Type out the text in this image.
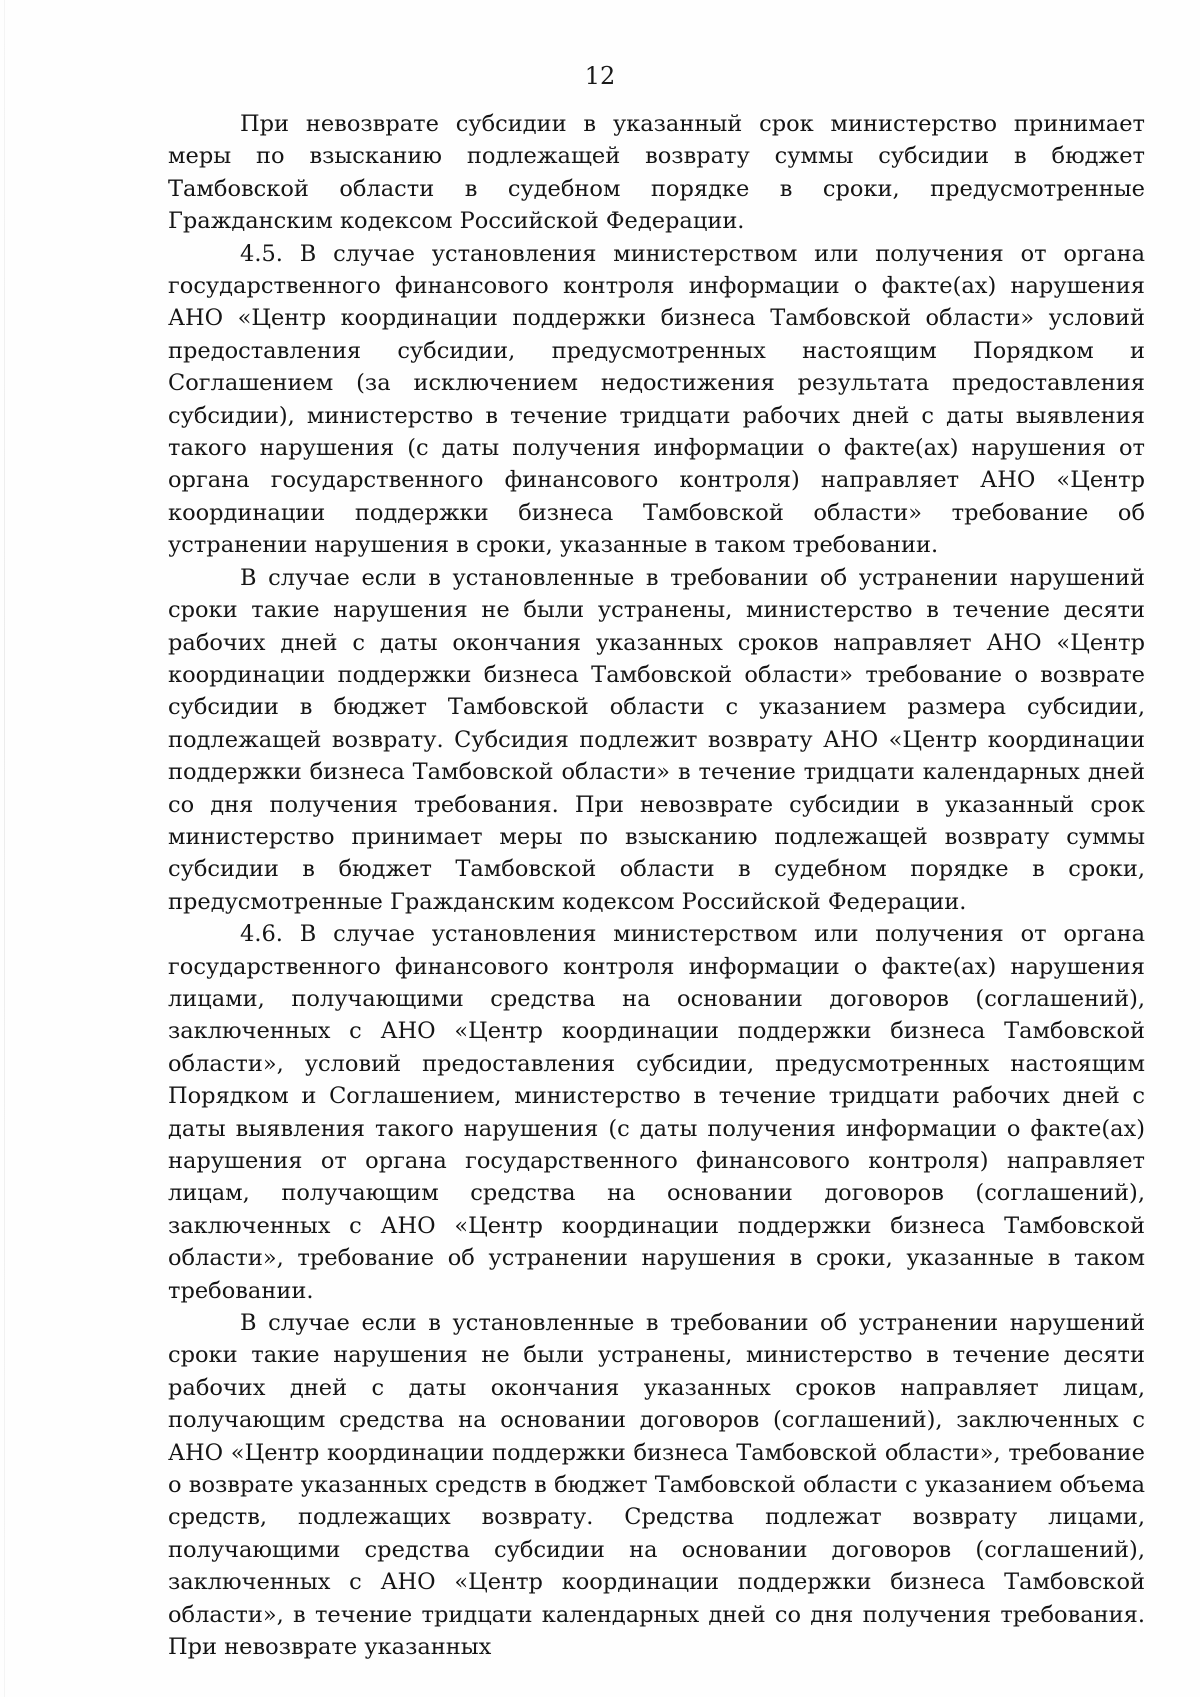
12

При невозврате субсидии в указанный срок министерство принимает меры по взысканию подлежащей возврату суммы субсидии в бюджет Тамбовской области в судебном порядке в сроки, предусмотренные Гражданским кодексом Российской Федерации.

4.5. В случае установления министерством или получения от органа государственного финансового контроля информации о факте(ах) нарушения АНО «Центр координации поддержки бизнеса Тамбовской области» условий предоставления субсидии, предусмотренных настоящим Порядком и Соглашением (за исключением недостижения результата предоставления субсидии), министерство в течение тридцати рабочих дней с даты выявления такого нарушения (с даты получения информации о факте(ах) нарушения от органа государственного финансового контроля) направляет АНО «Центр координации поддержки бизнеса Тамбовской области» требование об устранении нарушения в сроки, указанные в таком требовании.

В случае если в установленные в требовании об устранении нарушений сроки такие нарушения не были устранены, министерство в течение десяти рабочих дней с даты окончания указанных сроков направляет АНО «Центр координации поддержки бизнеса Тамбовской области» требование о возврате субсидии в бюджет Тамбовской области с указанием размера субсидии, подлежащей возврату. Субсидия подлежит возврату АНО «Центр координации поддержки бизнеса Тамбовской области» в течение тридцати календарных дней со дня получения требования. При невозврате субсидии в указанный срок министерство принимает меры по взысканию подлежащей возврату суммы субсидии в бюджет Тамбовской области в судебном порядке в сроки, предусмотренные Гражданским кодексом Российской Федерации.

4.6. В случае установления министерством или получения от органа государственного финансового контроля информации о факте(ах) нарушения лицами, получающими средства на основании договоров (соглашений), заключенных с АНО «Центр координации поддержки бизнеса Тамбовской области», условий предоставления субсидии, предусмотренных настоящим Порядком и Соглашением, министерство в течение тридцати рабочих дней с даты выявления такого нарушения (с даты получения информации о факте(ах) нарушения от органа государственного финансового контроля) направляет лицам, получающим средства на основании договоров (соглашений), заключенных с АНО «Центр координации поддержки бизнеса Тамбовской области», требование об устранении нарушения в сроки, указанные в таком требовании.

В случае если в установленные в требовании об устранении нарушений сроки такие нарушения не были устранены, министерство в течение десяти рабочих дней с даты окончания указанных сроков направляет лицам, получающим средства на основании договоров (соглашений), заключенных с АНО «Центр координации поддержки бизнеса Тамбовской области», требование о возврате указанных средств в бюджет Тамбовской области с указанием объема средств, подлежащих возврату. Средства подлежат возврату лицами, получающими средства субсидии на основании договоров (соглашений), заключенных с АНО «Центр координации поддержки бизнеса Тамбовской области», в течение тридцати календарных дней со дня получения требования. При невозврате указанных
